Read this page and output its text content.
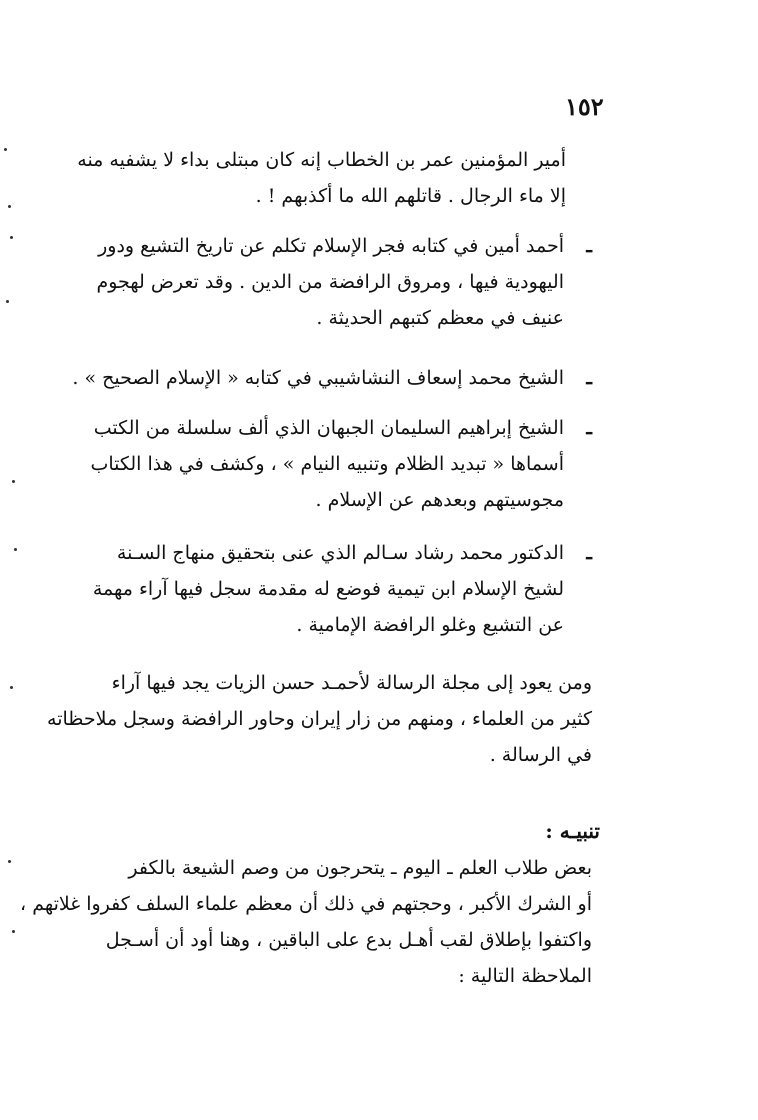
١٥٢
أمير المؤمنين عمر بن الخطاب إنه كان مبتلى بداء لا يشفيه منه
إلا ماء الرجال . قاتلهم الله ما أكذبهم ! .
ـ
أحمد أمين في كتابه فجر الإسلام تكلم عن تاريخ التشيع ودور
اليهودية فيها ، ومروق الرافضة من الدين . وقد تعرض لهجوم
عنيف في معظم كتبهم الحديثة .
ـ
الشيخ محمد إسعاف النشاشيبي في كتابه « الإسلام الصحيح » .
ـ
الشيخ إبراهيم السليمان الجبهان الذي ألف سلسلة من الكتب
أسماها « تبديد الظلام وتنبيه النيام » ، وكشف في هذا الكتاب
مجوسيتهم وبعدهم عن الإسلام .
ـ
الدكتور محمد رشاد سـالم الذي عنى بتحقيق منهاج السـنة
لشيخ الإسلام ابن تيمية فوضع له مقدمة سجل فيها آراء مهمة
عن التشيع وغلو الرافضة الإمامية .
ومن يعود إلى مجلة الرسالة لأحمـد حسن الزيات يجد فيها آراء
كثير من العلماء ، ومنهم من زار إيران وحاور الرافضة وسجل ملاحظاته
في الرسالة .
تنبيـه :
بعض طلاب العلم ـ اليوم ـ يتحرجون من وصم الشيعة بالكفر
أو الشرك الأكبر ، وحجتهم في ذلك أن معظم علماء السلف كفروا غلاتهم ،
واكتفوا بإطلاق لقب أهـل بدع على الباقين ، وهنا أود أن أسـجل
الملاحظة التالية :
